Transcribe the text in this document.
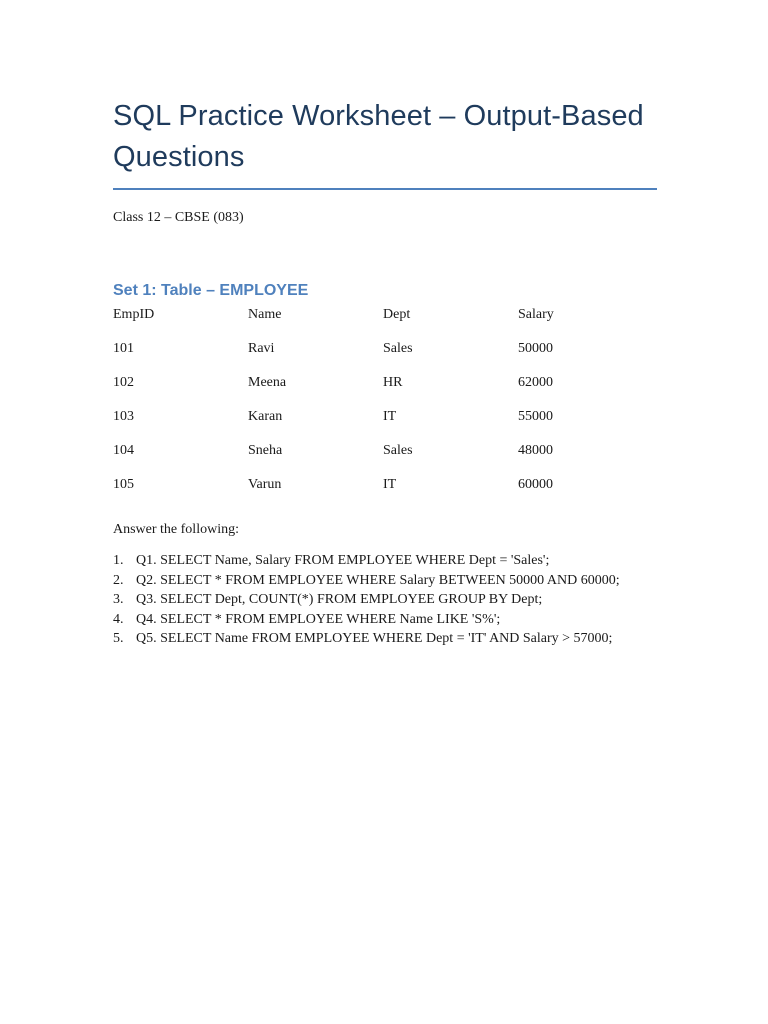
SQL Practice Worksheet – Output-Based Questions
Class 12 – CBSE (083)
Set 1: Table – EMPLOYEE
EmpID	Name	Dept	Salary
101	Ravi	Sales	50000
102	Meena	HR	62000
103	Karan	IT	55000
104	Sneha	Sales	48000
105	Varun	IT	60000
Answer the following:
1. Q1. SELECT Name, Salary FROM EMPLOYEE WHERE Dept = 'Sales';
2. Q2. SELECT * FROM EMPLOYEE WHERE Salary BETWEEN 50000 AND 60000;
3. Q3. SELECT Dept, COUNT(*) FROM EMPLOYEE GROUP BY Dept;
4. Q4. SELECT * FROM EMPLOYEE WHERE Name LIKE 'S%';
5. Q5. SELECT Name FROM EMPLOYEE WHERE Dept = 'IT' AND Salary > 57000;
